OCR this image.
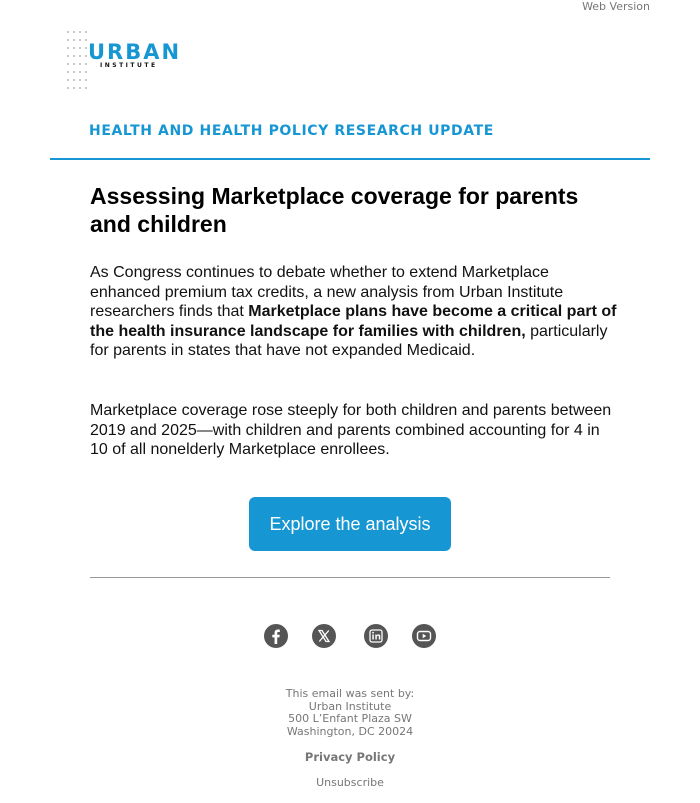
Web Version
URBAN
INSTITUTE
HEALTH AND HEALTH POLICY RESEARCH UPDATE
Assessing Marketplace coverage for parents and children

As Congress continues to debate whether to extend Marketplace enhanced premium tax credits, a new analysis from Urban Institute researchers finds that Marketplace plans have become a critical part of the health insurance landscape for families with children, particularly for parents in states that have not expanded Medicaid.

Marketplace coverage rose steeply for both children and parents between 2019 and 2025—with children and parents combined accounting for 4 in 10 of all nonelderly Marketplace enrollees.

Explore the analysis
This email was sent by:
Urban Institute
500 L’Enfant Plaza SW
Washington, DC 20024
Privacy Policy
Unsubscribe
